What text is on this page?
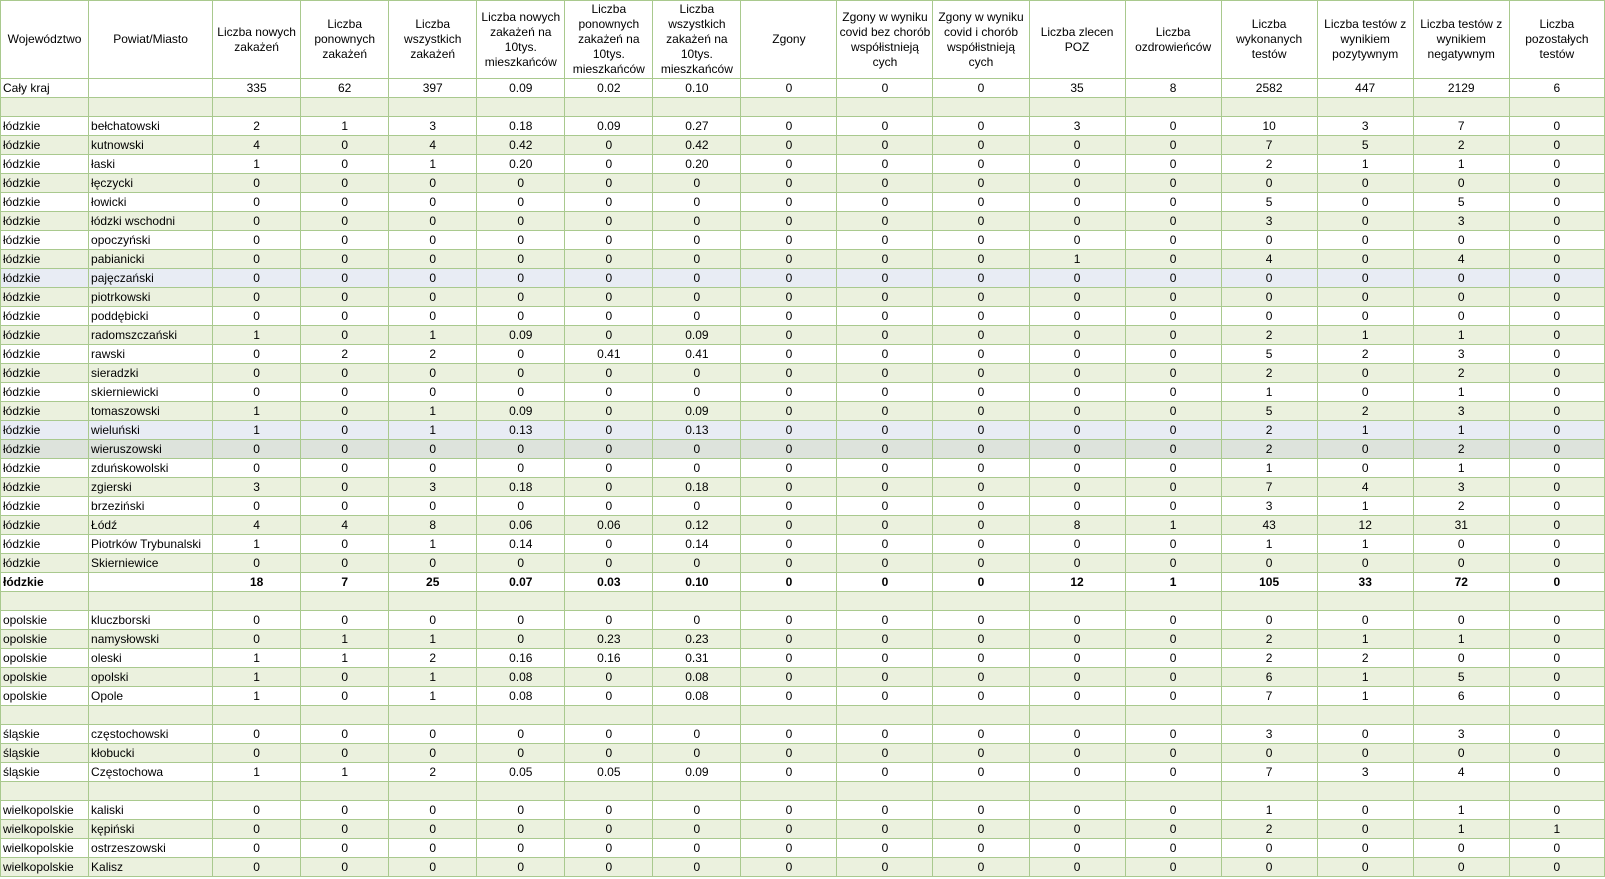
Województwo	Powiat/Miasto	Liczba nowych zakażeń	Liczba ponownych zakażeń	Liczba wszystkich zakażeń	Liczba nowych zakażeń na 10tys. mieszkańców	Liczba ponownych zakażeń na 10tys. mieszkańców	Liczba wszystkich zakażeń na 10tys. mieszkańców	Zgony	Zgony w wyniku covid bez chorób współistnieją cych	Zgony w wyniku covid i chorób współistnieją cych	Liczba zlecen POZ	Liczba ozdrowieńców	Liczba wykonanych testów	Liczba testów z wynikiem pozytywnym	Liczba testów z wynikiem negatywnym	Liczba pozostałych testów
Cały kraj		335	62	397	0.09	0.02	0.10	0	0	0	35	8	2582	447	2129	6

łódzkie	bełchatowski	2	1	3	0.18	0.09	0.27	0	0	0	3	0	10	3	7	0
łódzkie	kutnowski	4	0	4	0.42	0	0.42	0	0	0	0	0	7	5	2	0
łódzkie	łaski	1	0	1	0.20	0	0.20	0	0	0	0	0	2	1	1	0
łódzkie	łęczycki	0	0	0	0	0	0	0	0	0	0	0	0	0	0	0
łódzkie	łowicki	0	0	0	0	0	0	0	0	0	0	0	5	0	5	0
łódzkie	łódzki wschodni	0	0	0	0	0	0	0	0	0	0	0	3	0	3	0
łódzkie	opoczyński	0	0	0	0	0	0	0	0	0	0	0	0	0	0	0
łódzkie	pabianicki	0	0	0	0	0	0	0	0	0	1	0	4	0	4	0
łódzkie	pajęczański	0	0	0	0	0	0	0	0	0	0	0	0	0	0	0
łódzkie	piotrkowski	0	0	0	0	0	0	0	0	0	0	0	0	0	0	0
łódzkie	poddębicki	0	0	0	0	0	0	0	0	0	0	0	0	0	0	0
łódzkie	radomszczański	1	0	1	0.09	0	0.09	0	0	0	0	0	2	1	1	0
łódzkie	rawski	0	2	2	0	0.41	0.41	0	0	0	0	0	5	2	3	0
łódzkie	sieradzki	0	0	0	0	0	0	0	0	0	0	0	2	0	2	0
łódzkie	skierniewicki	0	0	0	0	0	0	0	0	0	0	0	1	0	1	0
łódzkie	tomaszowski	1	0	1	0.09	0	0.09	0	0	0	0	0	5	2	3	0
łódzkie	wieluński	1	0	1	0.13	0	0.13	0	0	0	0	0	2	1	1	0
łódzkie	wieruszowski	0	0	0	0	0	0	0	0	0	0	0	2	0	2	0
łódzkie	zduńskowolski	0	0	0	0	0	0	0	0	0	0	0	1	0	1	0
łódzkie	zgierski	3	0	3	0.18	0	0.18	0	0	0	0	0	7	4	3	0
łódzkie	brzeziński	0	0	0	0	0	0	0	0	0	0	0	3	1	2	0
łódzkie	Łódź	4	4	8	0.06	0.06	0.12	0	0	0	8	1	43	12	31	0
łódzkie	Piotrków Trybunalski	1	0	1	0.14	0	0.14	0	0	0	0	0	1	1	0	0
łódzkie	Skierniewice	0	0	0	0	0	0	0	0	0	0	0	0	0	0	0
łódzkie		18	7	25	0.07	0.03	0.10	0	0	0	12	1	105	33	72	0

opolskie	kluczborski	0	0	0	0	0	0	0	0	0	0	0	0	0	0	0
opolskie	namysłowski	0	1	1	0	0.23	0.23	0	0	0	0	0	2	1	1	0
opolskie	oleski	1	1	2	0.16	0.16	0.31	0	0	0	0	0	2	2	0	0
opolskie	opolski	1	0	1	0.08	0	0.08	0	0	0	0	0	6	1	5	0
opolskie	Opole	1	0	1	0.08	0	0.08	0	0	0	0	0	7	1	6	0

śląskie	częstochowski	0	0	0	0	0	0	0	0	0	0	0	3	0	3	0
śląskie	kłobucki	0	0	0	0	0	0	0	0	0	0	0	0	0	0	0
śląskie	Częstochowa	1	1	2	0.05	0.05	0.09	0	0	0	0	0	7	3	4	0

wielkopolskie	kaliski	0	0	0	0	0	0	0	0	0	0	0	1	0	1	0
wielkopolskie	kępiński	0	0	0	0	0	0	0	0	0	0	0	2	0	1	1
wielkopolskie	ostrzeszowski	0	0	0	0	0	0	0	0	0	0	0	0	0	0	0
wielkopolskie	Kalisz	0	0	0	0	0	0	0	0	0	0	0	0	0	0	0
